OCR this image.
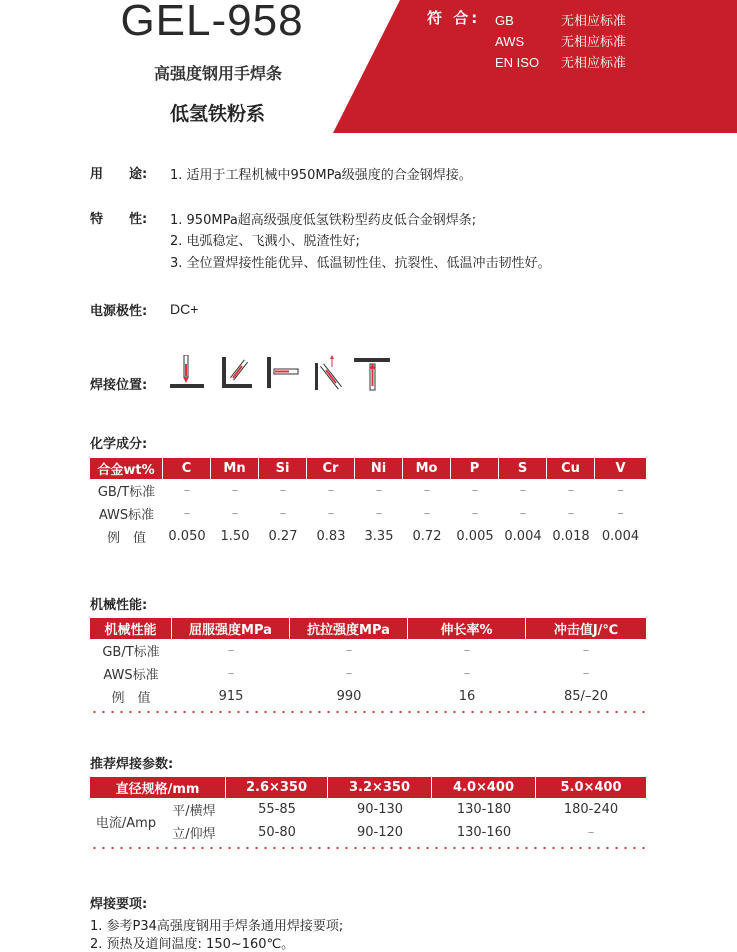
GEL-958
高强度钢用手焊条
低氢铁粉系
符 合: GB	无相应标准
AWS	无相应标准
EN ISO 无相应标准
用　　途: 1. 适用于工程机械中950MPa级强度的合金钢焊接。
特　　性: 1. 950MPa超高级强度低氢铁粉型药皮低合金钢焊条;
2. 电弧稳定、飞溅小、脱渣性好;
3. 全位置焊接性能优异、低温韧性佳、抗裂性、低温冲击韧性好。
电源极性: DC+
焊接位置:
化学成分:
合金wt%	C	Mn	Si	Cr	Ni	Mo	P	S	Cu	V
GB/T标准	–	–	–	–	–	–	–	–	–	–
AWS标准	–	–	–	–	–	–	–	–	–	–
例　值	0.050	1.50	0.27	0.83	3.35	0.72	0.005	0.004	0.018	0.004
机械性能:
机械性能	屈服强度MPa	抗拉强度MPa	伸长率%	冲击值J/℃
GB/T标准	–	–	–	–
AWS标准	–	–	–	–
例　值	915	990	16	85/–20
推荐焊接参数:
直径规格/mm		2.6×350	3.2×350	4.0×400	5.0×400
电流/Amp	平/横焊	55-85	90-130	130-180	180-240
	立/仰焊	50-80	90-120	130-160	–
焊接要项:
1. 参考P34高强度钢用手焊条通用焊接要项;
2. 预热及道间温度: 150~160℃。
